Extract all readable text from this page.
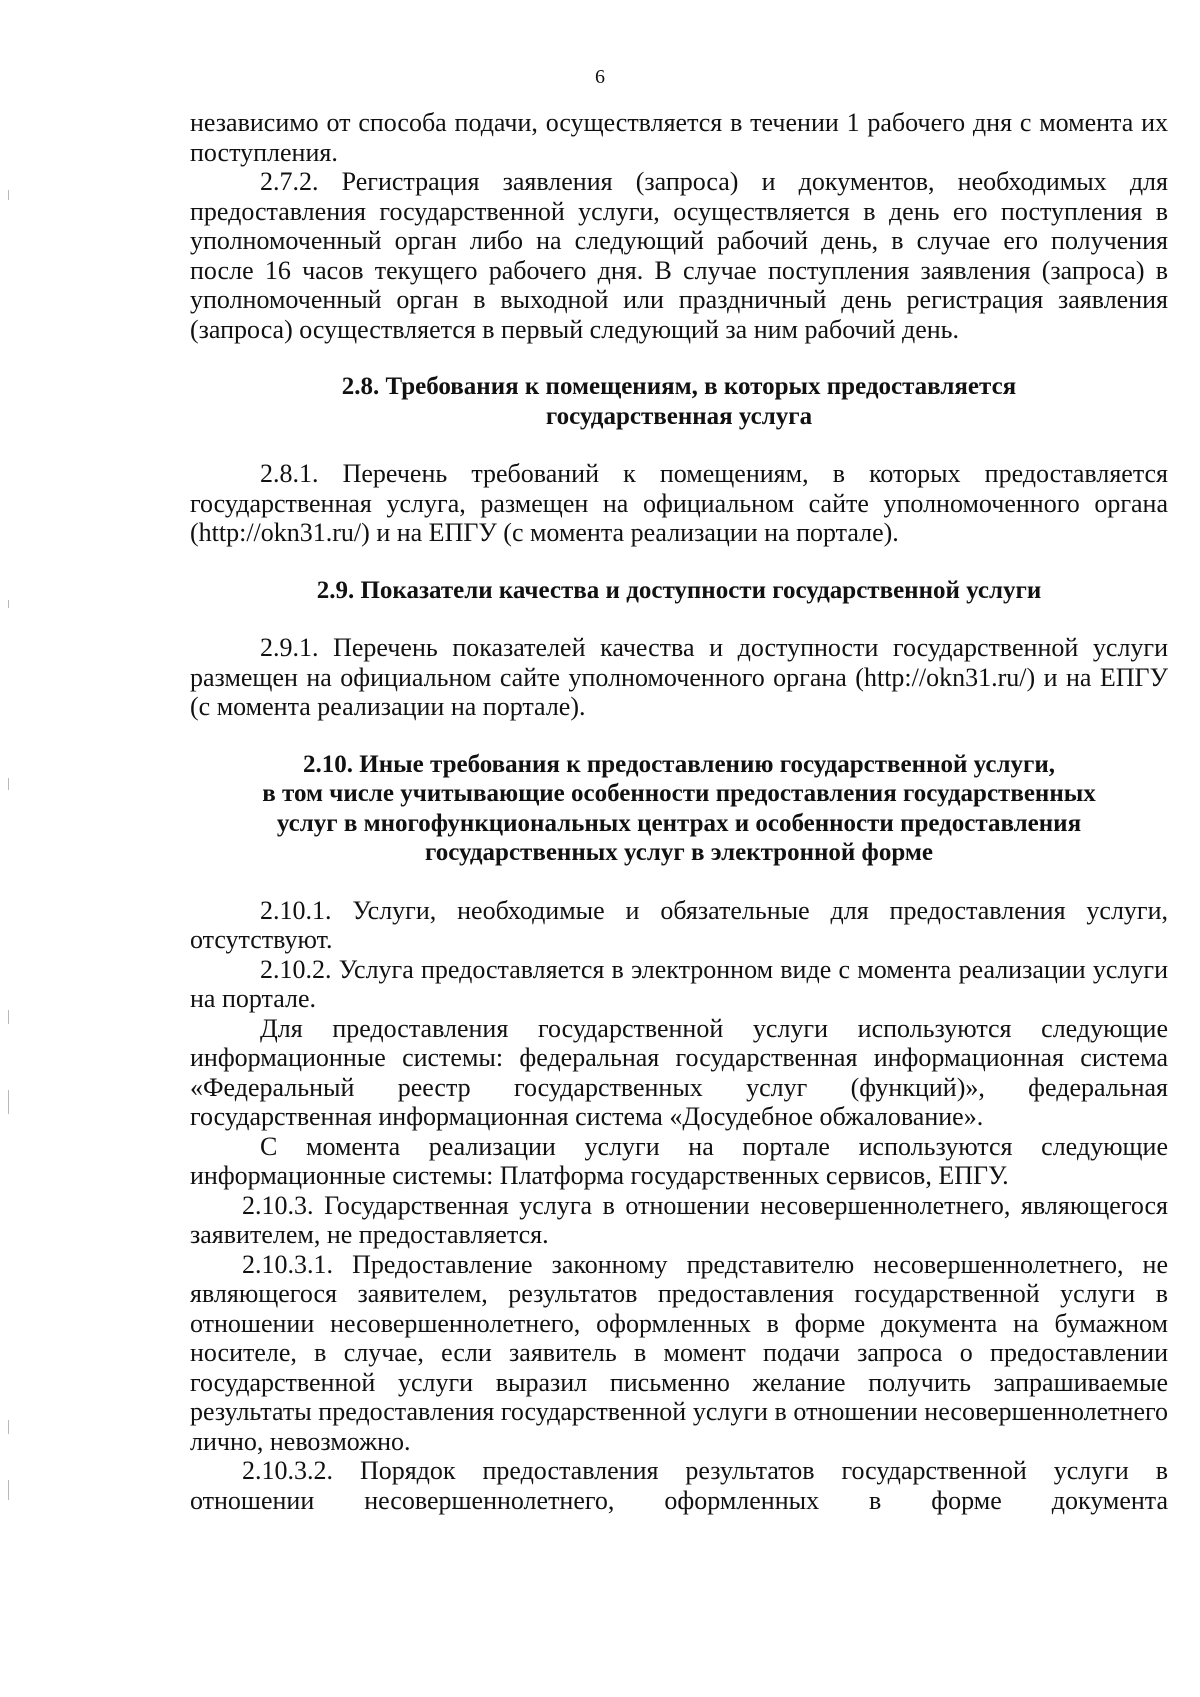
6

независимо от способа подачи, осуществляется в течении 1 рабочего дня с момента их поступления.

2.7.2. Регистрация заявления (запроса) и документов, необходимых для предоставления государственной услуги, осуществляется в день его поступления в уполномоченный орган либо на следующий рабочий день, в случае его получения после 16 часов текущего рабочего дня. В случае поступления заявления (запроса) в уполномоченный орган в выходной или праздничный день регистрация заявления (запроса) осуществляется в первый следующий за ним рабочий день.

2.8. Требования к помещениям, в которых предоставляется

государственная услуга

2.8.1. Перечень требований к помещениям, в которых предоставляется государственная услуга, размещен на официальном сайте уполномоченного органа (http://okn31.ru/) и на ЕПГУ (с момента реализации на портале).

2.9. Показатели качества и доступности государственной услуги

2.9.1. Перечень показателей качества и доступности государственной услуги размещен на официальном сайте уполномоченного органа (http://okn31.ru/) и на ЕПГУ (с момента реализации на портале).

2.10. Иные требования к предоставлению государственной услуги,

в том числе учитывающие особенности предоставления государственных

услуг в многофункциональных центрах и особенности предоставления

государственных услуг в электронной форме

2.10.1. Услуги, необходимые и обязательные для предоставления услуги, отсутствуют.

2.10.2. Услуга предоставляется в электронном виде с момента реализации услуги на портале.

Для предоставления государственной услуги используются следующие информационные системы: федеральная государственная информационная система «Федеральный реестр государственных услуг (функций)», федеральная государственная информационная система «Досудебное обжалование».

С момента реализации услуги на портале используются следующие информационные системы: Платформа государственных сервисов, ЕПГУ.

2.10.3. Государственная услуга в отношении несовершеннолетнего, являющегося заявителем, не предоставляется.

2.10.3.1. Предоставление законному представителю несовершеннолетнего, не являющегося заявителем, результатов предоставления государственной услуги в отношении несовершеннолетнего, оформленных в форме документа на бумажном носителе, в случае, если заявитель в момент подачи запроса о предоставлении государственной услуги выразил письменно желание получить запрашиваемые результаты предоставления государственной услуги в отношении несовершеннолетнего лично, невозможно.

2.10.3.2. Порядок предоставления результатов государственной услуги в отношении несовершеннолетнего, оформленных в форме документа
